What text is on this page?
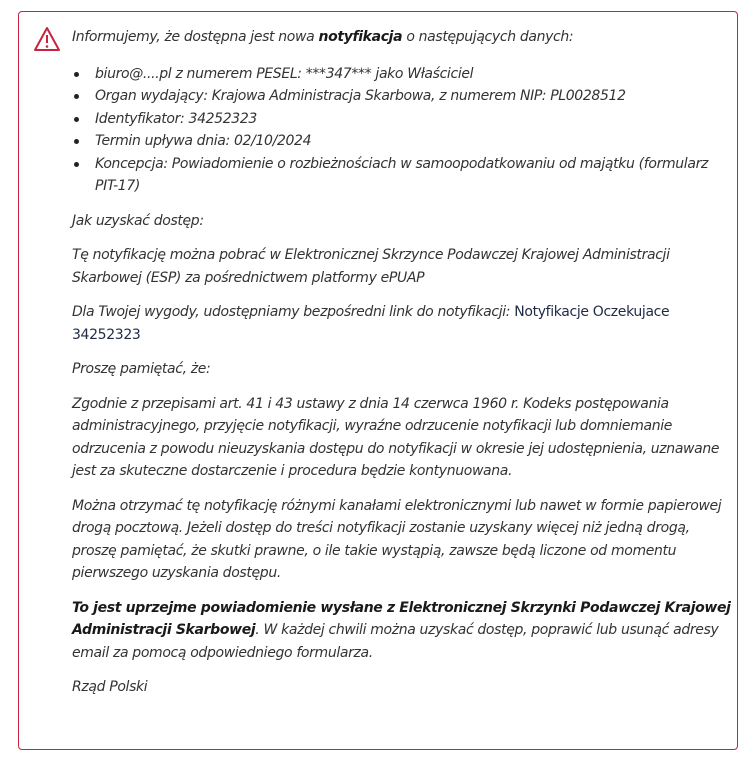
Informujemy, że dostępna jest nowa notyfikacja o następujących danych:

biuro@....pl z numerem PESEL: ***347*** jako Właściciel
Organ wydający: Krajowa Administracja Skarbowa, z numerem NIP: PL0028512
Identyfikator: 34252323
Termin upływa dnia: 02/10/2024
Koncepcja: Powiadomienie o rozbieżnościach w samoopodatkowaniu od majątku (formularz PIT-17)

Jak uzyskać dostęp:

Tę notyfikację można pobrać w Elektronicznej Skrzynce Podawczej Krajowej Administracji Skarbowej (ESP) za pośrednictwem platformy ePUAP

Dla Twojej wygody, udostępniamy bezpośredni link do notyfikacji: Notyfikacje Oczekujace 34252323

Proszę pamiętać, że:

Zgodnie z przepisami art. 41 i 43 ustawy z dnia 14 czerwca 1960 r. Kodeks postępowania administracyjnego, przyjęcie notyfikacji, wyraźne odrzucenie notyfikacji lub domniemanie odrzucenia z powodu nieuzyskania dostępu do notyfikacji w okresie jej udostępnienia, uznawane jest za skuteczne dostarczenie i procedura będzie kontynuowana.

Można otrzymać tę notyfikację różnymi kanałami elektronicznymi lub nawet w formie papierowej drogą pocztową. Jeżeli dostęp do treści notyfikacji zostanie uzyskany więcej niż jedną drogą, proszę pamiętać, że skutki prawne, o ile takie wystąpią, zawsze będą liczone od momentu pierwszego uzyskania dostępu.

To jest uprzejme powiadomienie wysłane z Elektronicznej Skrzynki Podawczej Krajowej Administracji Skarbowej. W każdej chwili można uzyskać dostęp, poprawić lub usunąć adresy email za pomocą odpowiedniego formularza.

Rząd Polski
